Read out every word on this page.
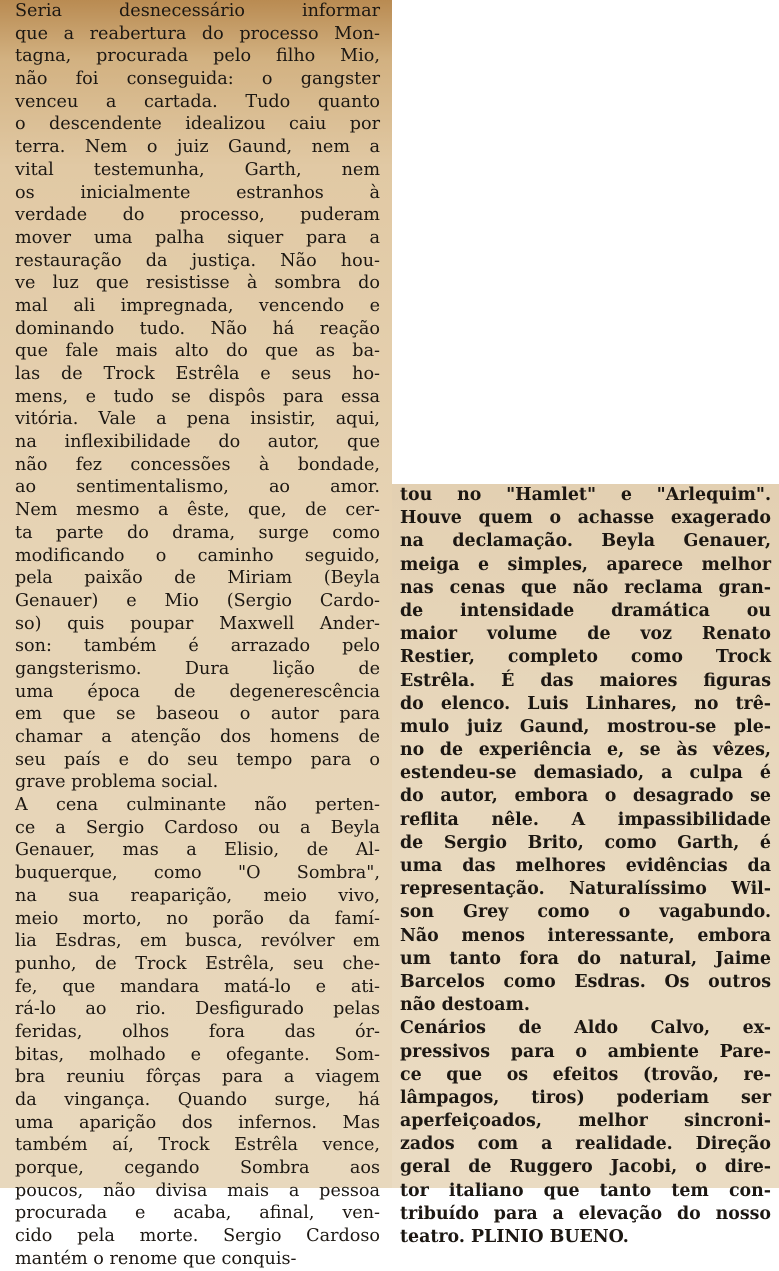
Seria desnecessário informar
que a reabertura do processo Mon-
tagna, procurada pelo filho Mio,
não foi conseguida: o gangster
venceu a cartada. Tudo quanto
o descendente idealizou caiu por
terra. Nem o juiz Gaund, nem a
vital testemunha, Garth, nem
os inicialmente estranhos à
verdade do processo, puderam
mover uma palha siquer para a
restauração da justiça. Não hou-
ve luz que resistisse à sombra do
mal ali impregnada, vencendo e
dominando tudo. Não há reação
que fale mais alto do que as ba-
las de Trock Estrêla e seus ho-
mens, e tudo se dispôs para essa
vitória. Vale a pena insistir, aqui,
na inflexibilidade do autor, que
não fez concessões à bondade,
ao sentimentalismo, ao amor.
Nem mesmo a êste, que, de cer-
ta parte do drama, surge como
modificando o caminho seguido,
pela paixão de Miriam (Beyla
Genauer) e Mio (Sergio Cardo-
so) quis poupar Maxwell Ander-
son: também é arrazado pelo
gangsterismo. Dura lição de
uma época de degenerescência
em que se baseou o autor para
chamar a atenção dos homens de
seu país e do seu tempo para o
grave problema social.
A cena culminante não perten-
ce a Sergio Cardoso ou a Beyla
Genauer, mas a Elisio, de Al-
buquerque, como "O Sombra",
na sua reaparição, meio vivo,
meio morto, no porão da famí-
lia Esdras, em busca, revólver em
punho, de Trock Estrêla, seu che-
fe, que mandara matá-lo e ati-
rá-lo ao rio. Desfigurado pelas
feridas, olhos fora das ór-
bitas, molhado e ofegante. Som-
bra reuniu fôrças para a viagem
da vingança. Quando surge, há
uma aparição dos infernos. Mas
também aí, Trock Estrêla vence,
porque, cegando Sombra aos
poucos, não divisa mais a pessoa
procurada e acaba, afinal, ven-
cido pela morte. Sergio Cardoso
mantém o renome que conquis-
tou no "Hamlet" e "Arlequim".
Houve quem o achasse exagerado
na declamação. Beyla Genauer,
meiga e simples, aparece melhor
nas cenas que não reclama gran-
de intensidade dramática ou
maior volume de voz Renato
Restier, completo como Trock
Estrêla. É das maiores figuras
do elenco. Luis Linhares, no trê-
mulo juiz Gaund, mostrou-se ple-
no de experiência e, se às vêzes,
estendeu-se demasiado, a culpa é
do autor, embora o desagrado se
reflita nêle. A impassibilidade
de Sergio Brito, como Garth, é
uma das melhores evidências da
representação. Naturalíssimo Wil-
son Grey como o vagabundo.
Não menos interessante, embora
um tanto fora do natural, Jaime
Barcelos como Esdras. Os outros
não destoam.
Cenários de Aldo Calvo, ex-
pressivos para o ambiente Pare-
ce que os efeitos (trovão, re-
lâmpagos, tiros) poderiam ser
aperfeiçoados, melhor sincroni-
zados com a realidade. Direção
geral de Ruggero Jacobi, o dire-
tor italiano que tanto tem con-
tribuído para a elevação do nosso
teatro. PLINIO BUENO.
